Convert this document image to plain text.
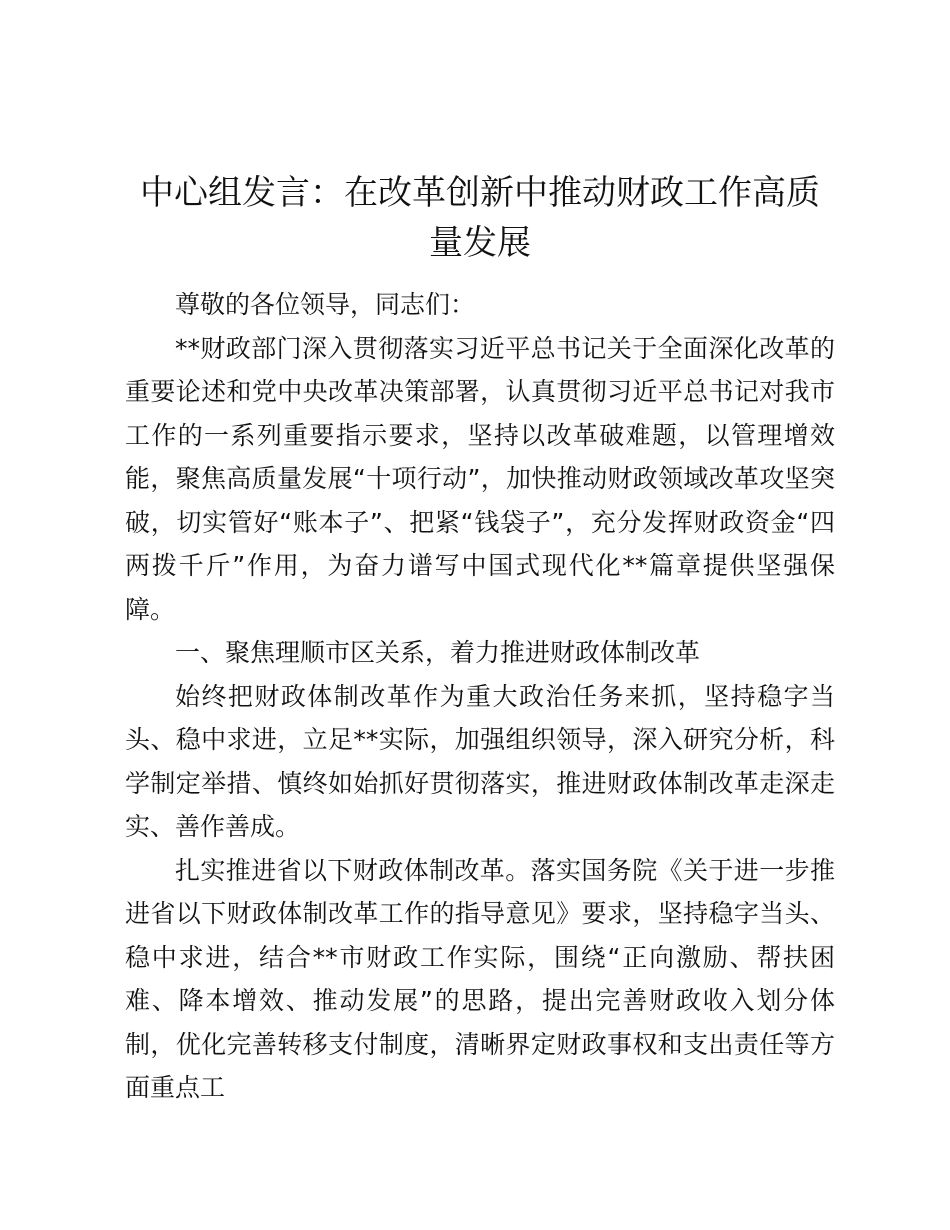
中心组发言：在改革创新中推动财政工作高质量发展

尊敬的各位领导，同志们：

**财政部门深入贯彻落实习近平总书记关于全面深化改革的重要论述和党中央改革决策部署，认真贯彻习近平总书记对我市工作的一系列重要指示要求，坚持以改革破难题，以管理增效能，聚焦高质量发展“十项行动”，加快推动财政领域改革攻坚突破，切实管好“账本子”、把紧“钱袋子”，充分发挥财政资金“四两拨千斤”作用，为奋力谱写中国式现代化**篇章提供坚强保障。

一、聚焦理顺市区关系，着力推进财政体制改革

始终把财政体制改革作为重大政治任务来抓，坚持稳字当头、稳中求进，立足**实际，加强组织领导，深入研究分析，科学制定举措、慎终如始抓好贯彻落实，推进财政体制改革走深走实、善作善成。

扎实推进省以下财政体制改革。落实国务院《关于进一步推进省以下财政体制改革工作的指导意见》要求，坚持稳字当头、稳中求进，结合**市财政工作实际，围绕“正向激励、帮扶困难、降本增效、推动发展”的思路，提出完善财政收入划分体制，优化完善转移支付制度，清晰界定财政事权和支出责任等方面重点工
